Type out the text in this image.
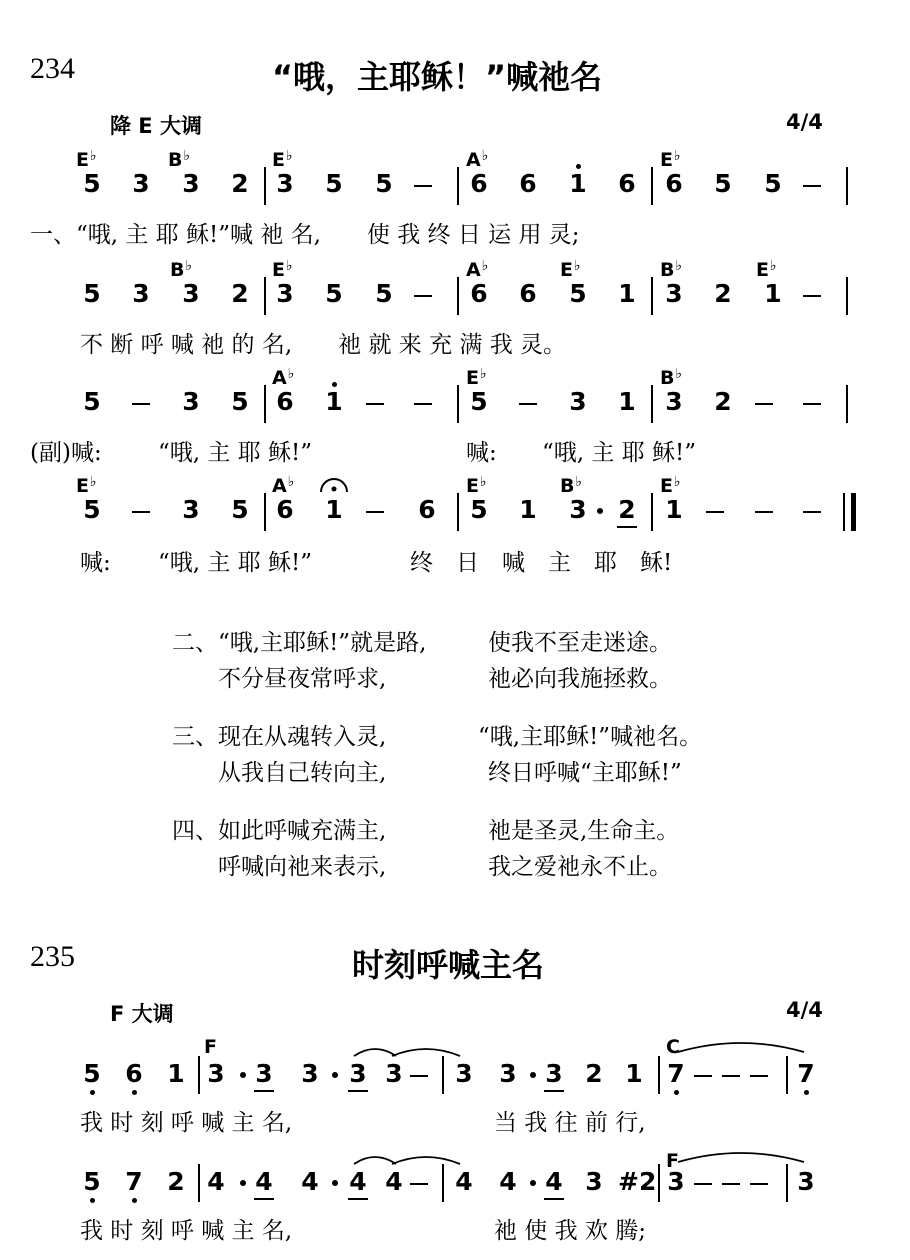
234	“哦，主耶稣！”喊祂名
降 E 大调	4/4
E♭	B♭	E♭	A♭	E♭
5 3 3 2 3 5 5	6 6 1 6 6 5 5
一、“哦, 主 耶 稣!”喊 祂 名,　　使 我 终 日 运 用 灵;
B♭	E♭	A♭	E♭	B♭	E♭
5 3 3 2 3 5 5	6 6 5 1 3 2 1
不 断 呼 喊 祂 的 名,　　祂 就 来 充 满 我 灵。
A♭	E♭	B♭
5	3 5 6 1	5	3 1 3 2
(副)喊: “哦, 主 耶 稣!”	喊: “哦, 主 耶 稣!”
E♭	A♭	E♭	B♭	E♭
5	3 5 6 1	6 5 1 3 2 1
喊: “哦, 主 耶 稣!”	终　日　喊　主　耶　稣!
二、“哦,主耶稣!”就是路,	使我不至走迷途。
不分昼夜常呼求,	祂必向我施拯救。
三、现在从魂转入灵,	“哦,主耶稣!”喊祂名。
从我自己转向主,	终日呼喊“主耶稣!”
四、如此呼喊充满主,	祂是圣灵,生命主。
呼喊向祂来表示,	我之爱祂永不止。
235	时刻呼喊主名
F 大调	4/4
F	C
5 6 1 3 3 3 3 3 3 3 3 2 1 7	7
我 时 刻 呼 喊 主 名,	当 我 往 前 行,
F
5 7 2 4 4 4 4 4 4 4 4 3 #2 3	3
我 时 刻 呼 喊 主 名,	祂 使 我 欢 腾;
